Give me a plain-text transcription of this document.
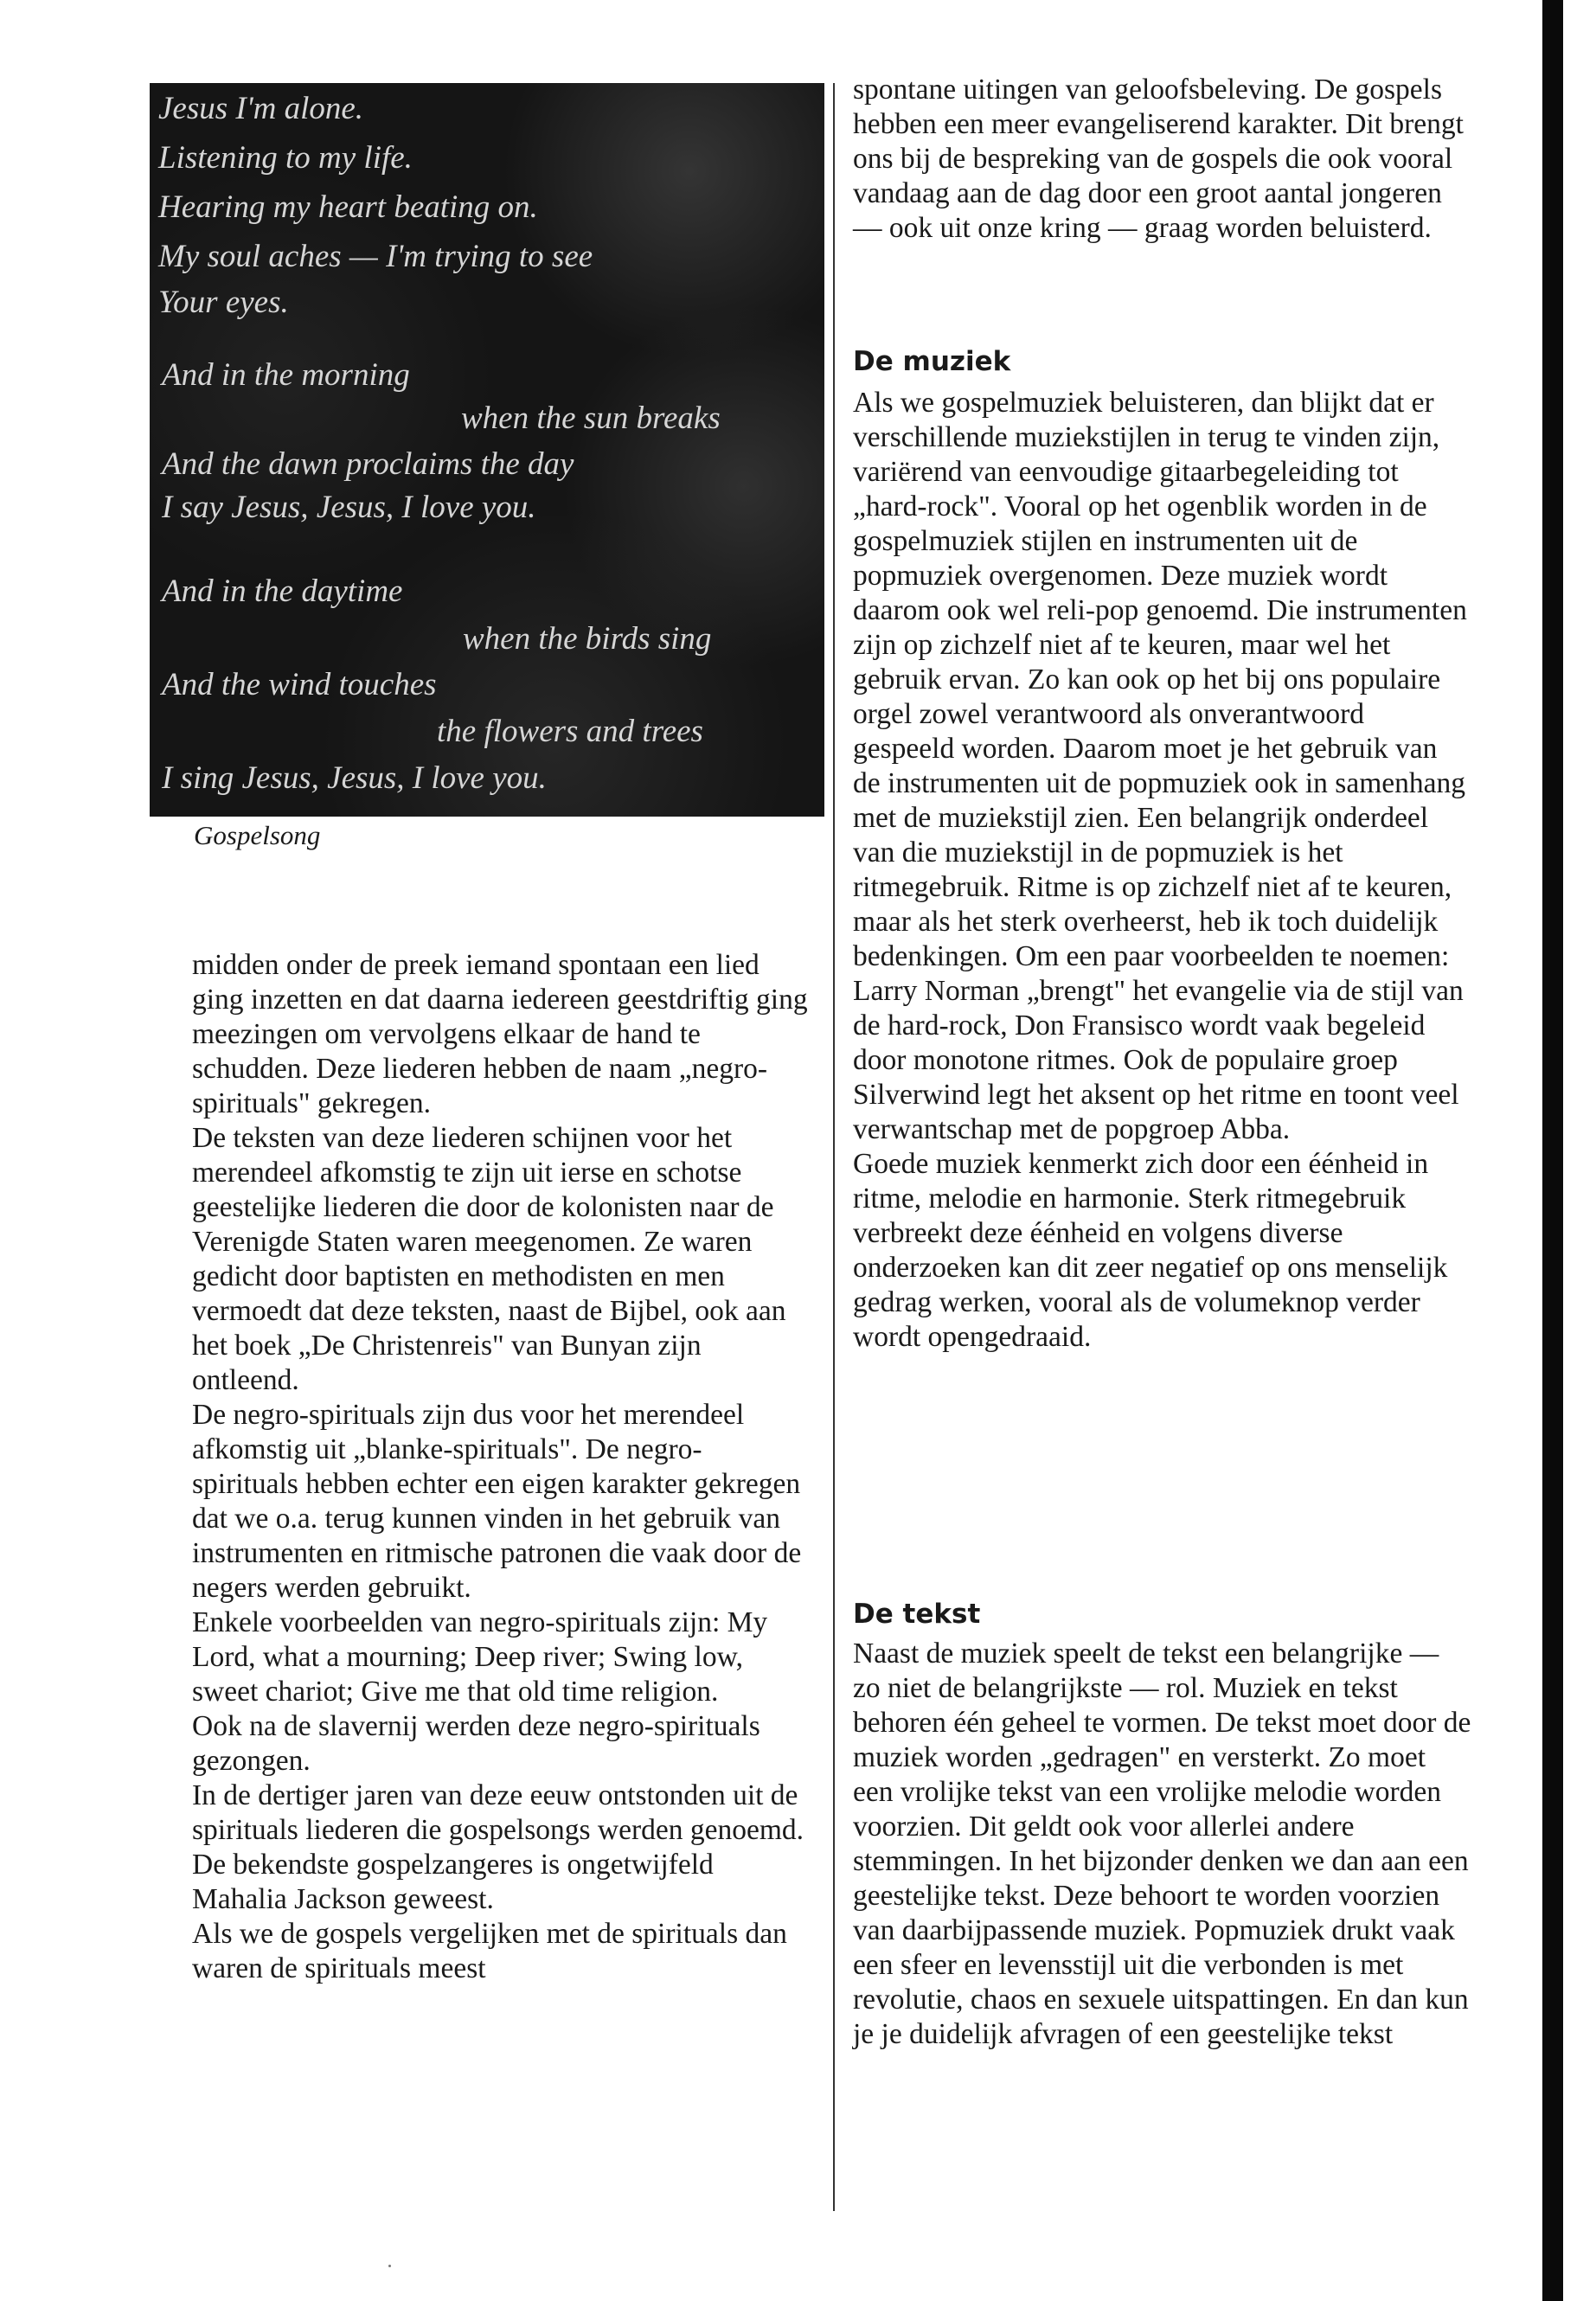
Jesus I'm alone.
Listening to my life.
Hearing my heart beating on.
My soul aches — I'm trying to see
Your eyes.
And in the morning
when the sun breaks
And the dawn proclaims the day
I say Jesus, Jesus, I love you.
And in the daytime
when the birds sing
And the wind touches
the flowers and trees
I sing Jesus, Jesus, I love you.
Gospelsong

midden onder de preek iemand spontaan een lied ging inzetten en dat daarna iedereen geestdriftig ging meezingen om vervolgens elkaar de hand te schudden. Deze liederen hebben de naam „negro-spirituals" gekregen.

De teksten van deze liederen schijnen voor het merendeel afkomstig te zijn uit ierse en schotse geestelijke liederen die door de kolonisten naar de Verenigde Staten waren meegenomen. Ze waren gedicht door baptisten en methodisten en men vermoedt dat deze teksten, naast de Bijbel, ook aan het boek „De Christenreis" van Bunyan zijn ontleend.

De negro-spirituals zijn dus voor het merendeel afkomstig uit „blanke-spirituals". De negro-spirituals hebben echter een eigen karakter gekregen dat we o.a. terug kunnen vinden in het gebruik van instrumenten en ritmische patronen die vaak door de negers werden gebruikt.

Enkele voorbeelden van negro-spirituals zijn: My Lord, what a mourning; Deep river; Swing low, sweet chariot; Give me that old time religion.

Ook na de slavernij werden deze negro-spirituals gezongen.

In de dertiger jaren van deze eeuw ontstonden uit de spirituals liederen die gospelsongs werden genoemd.

De bekendste gospelzangeres is ongetwijfeld Mahalia Jackson geweest.

Als we de gospels vergelijken met de spirituals dan waren de spirituals meest

spontane uitingen van geloofsbeleving. De gospels hebben een meer evangeliserend karakter. Dit brengt ons bij de bespreking van de gospels die ook vooral vandaag aan de dag door een groot aantal jongeren — ook uit onze kring — graag worden beluisterd.

De muziek

Als we gospelmuziek beluisteren, dan blijkt dat er verschillende muziekstijlen in terug te vinden zijn, variërend van eenvoudige gitaarbegeleiding tot „hard-rock". Vooral op het ogenblik worden in de gospelmuziek stijlen en instrumenten uit de popmuziek overgenomen. Deze muziek wordt daarom ook wel reli-pop genoemd. Die instrumenten zijn op zichzelf niet af te keuren, maar wel het gebruik ervan. Zo kan ook op het bij ons populaire orgel zowel verantwoord als onverantwoord gespeeld worden. Daarom moet je het gebruik van de instrumenten uit de popmuziek ook in samenhang met de muziekstijl zien. Een belangrijk onderdeel van die muziekstijl in de popmuziek is het ritmegebruik. Ritme is op zichzelf niet af te keuren, maar als het sterk overheerst, heb ik toch duidelijk bedenkingen. Om een paar voorbeelden te noemen: Larry Norman „brengt" het evangelie via de stijl van de hard-rock, Don Fransisco wordt vaak begeleid door monotone ritmes. Ook de populaire groep Silverwind legt het aksent op het ritme en toont veel verwantschap met de popgroep Abba.

Goede muziek kenmerkt zich door een éénheid in ritme, melodie en harmonie. Sterk ritmegebruik verbreekt deze éénheid en volgens diverse onderzoeken kan dit zeer negatief op ons menselijk gedrag werken, vooral als de volumeknop verder wordt opengedraaid.

De tekst

Naast de muziek speelt de tekst een belangrijke — zo niet de belangrijkste — rol. Muziek en tekst behoren één geheel te vormen. De tekst moet door de muziek worden „gedragen" en versterkt. Zo moet een vrolijke tekst van een vrolijke melodie worden voorzien. Dit geldt ook voor allerlei andere stemmingen. In het bijzonder denken we dan aan een geestelijke tekst. Deze behoort te worden voorzien van daarbijpassende muziek. Popmuziek drukt vaak een sfeer en levensstijl uit die verbonden is met revolutie, chaos en sexuele uitspattingen. En dan kun je je duidelijk afvragen of een geestelijke tekst
